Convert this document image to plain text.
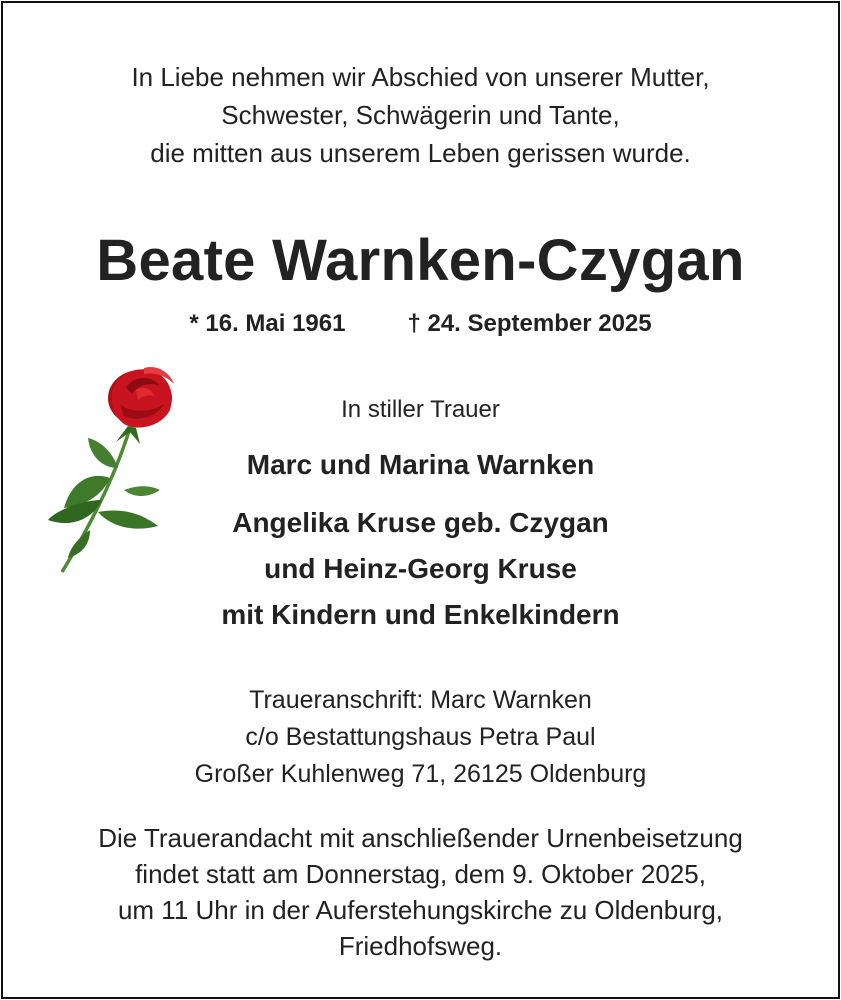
In Liebe nehmen wir Abschied von unserer Mutter,
Schwester, Schwägerin und Tante,
die mitten aus unserem Leben gerissen wurde.
Beate Warnken-Czygan
* 16. Mai 1961	† 24. September 2025
In stiller Trauer
Marc und Marina Warnken
Angelika Kruse geb. Czygan
und Heinz-Georg Kruse
mit Kindern und Enkelkindern
Traueranschrift: Marc Warnken
c/o Bestattungshaus Petra Paul
Großer Kuhlenweg 71, 26125 Oldenburg
Die Trauerandacht mit anschließender Urnenbeisetzung
findet statt am Donnerstag, dem 9. Oktober 2025,
um 11 Uhr in der Auferstehungskirche zu Oldenburg,
Friedhofsweg.
